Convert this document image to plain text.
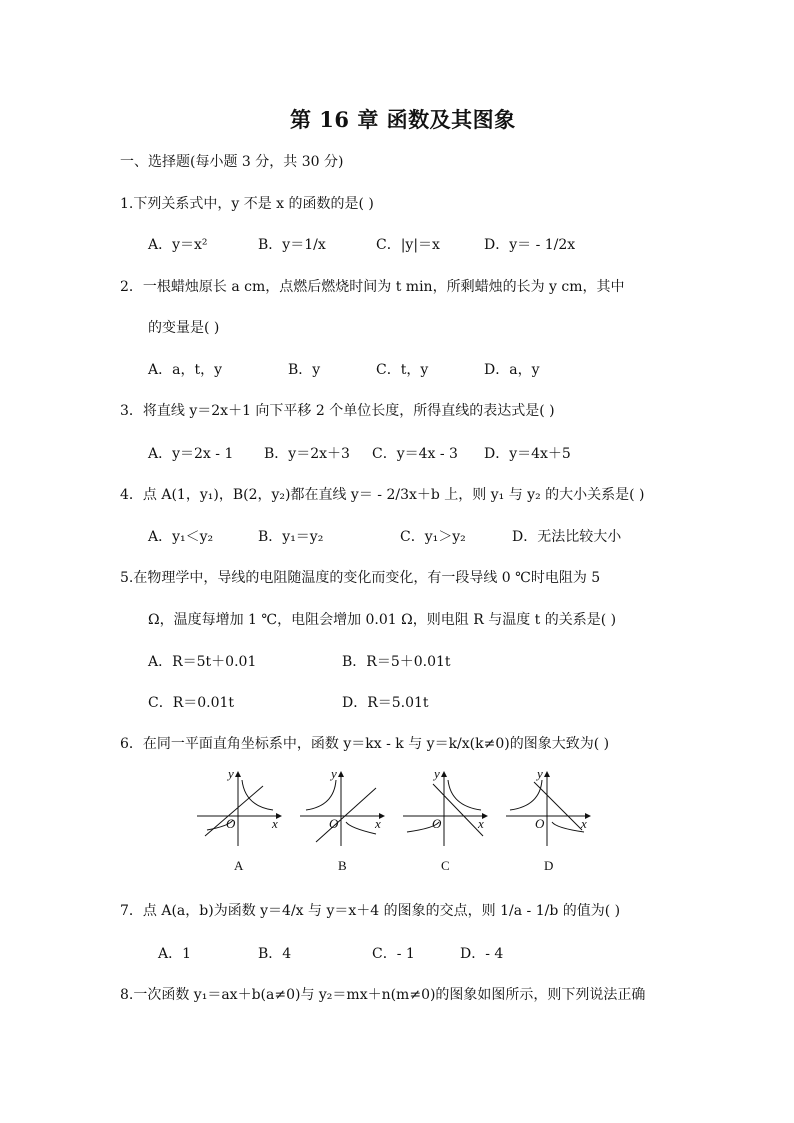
第 16 章 函数及其图象
一、选择题(每小题 3 分，共 30 分)
1.下列关系式中，y 不是 x 的函数的是( )
A．y＝x²	B．y＝1/x	C．|y|＝x	D．y＝ - 1/2x
2．一根蜡烛原长 a cm，点燃后燃烧时间为 t min，所剩蜡烛的长为 y cm，其中
的变量是( )
A．a，t，y	B．y	C．t，y	D．a，y
3．将直线 y＝2x＋1 向下平移 2 个单位长度，所得直线的表达式是( )
A．y＝2x - 1 B．y＝2x＋3 C．y＝4x - 3 D．y＝4x＋5
4．点 A(1，y₁)，B(2，y₂)都在直线 y＝ - 2/3x＋b 上，则 y₁ 与 y₂ 的大小关系是( )
A．y₁＜y₂	B．y₁＝y₂	C．y₁＞y₂	D．无法比较大小
5.在物理学中，导线的电阻随温度的变化而变化，有一段导线 0 ℃时电阻为 5
Ω，温度每增加 1 ℃，电阻会增加 0.01 Ω，则电阻 R 与温度 t 的关系是( )
A．R＝5t＋0.01	B．R＝5＋0.01t
C．R＝0.01t	D．R＝5.01t
6．在同一平面直角坐标系中，函数 y＝kx - k 与 y＝k/x(k≠0)的图象大致为( )
y
x
O
A
y
x
O
B
y
x
O
C
y
x
O
D
7．点 A(a，b)为函数 y＝4/x 与 y＝x＋4 的图象的交点，则 1/a - 1/b 的值为( )
A．1	B．4	C．- 1	D．- 4
8.一次函数 y₁＝ax＋b(a≠0)与 y₂＝mx＋n(m≠0)的图象如图所示，则下列说法正确
